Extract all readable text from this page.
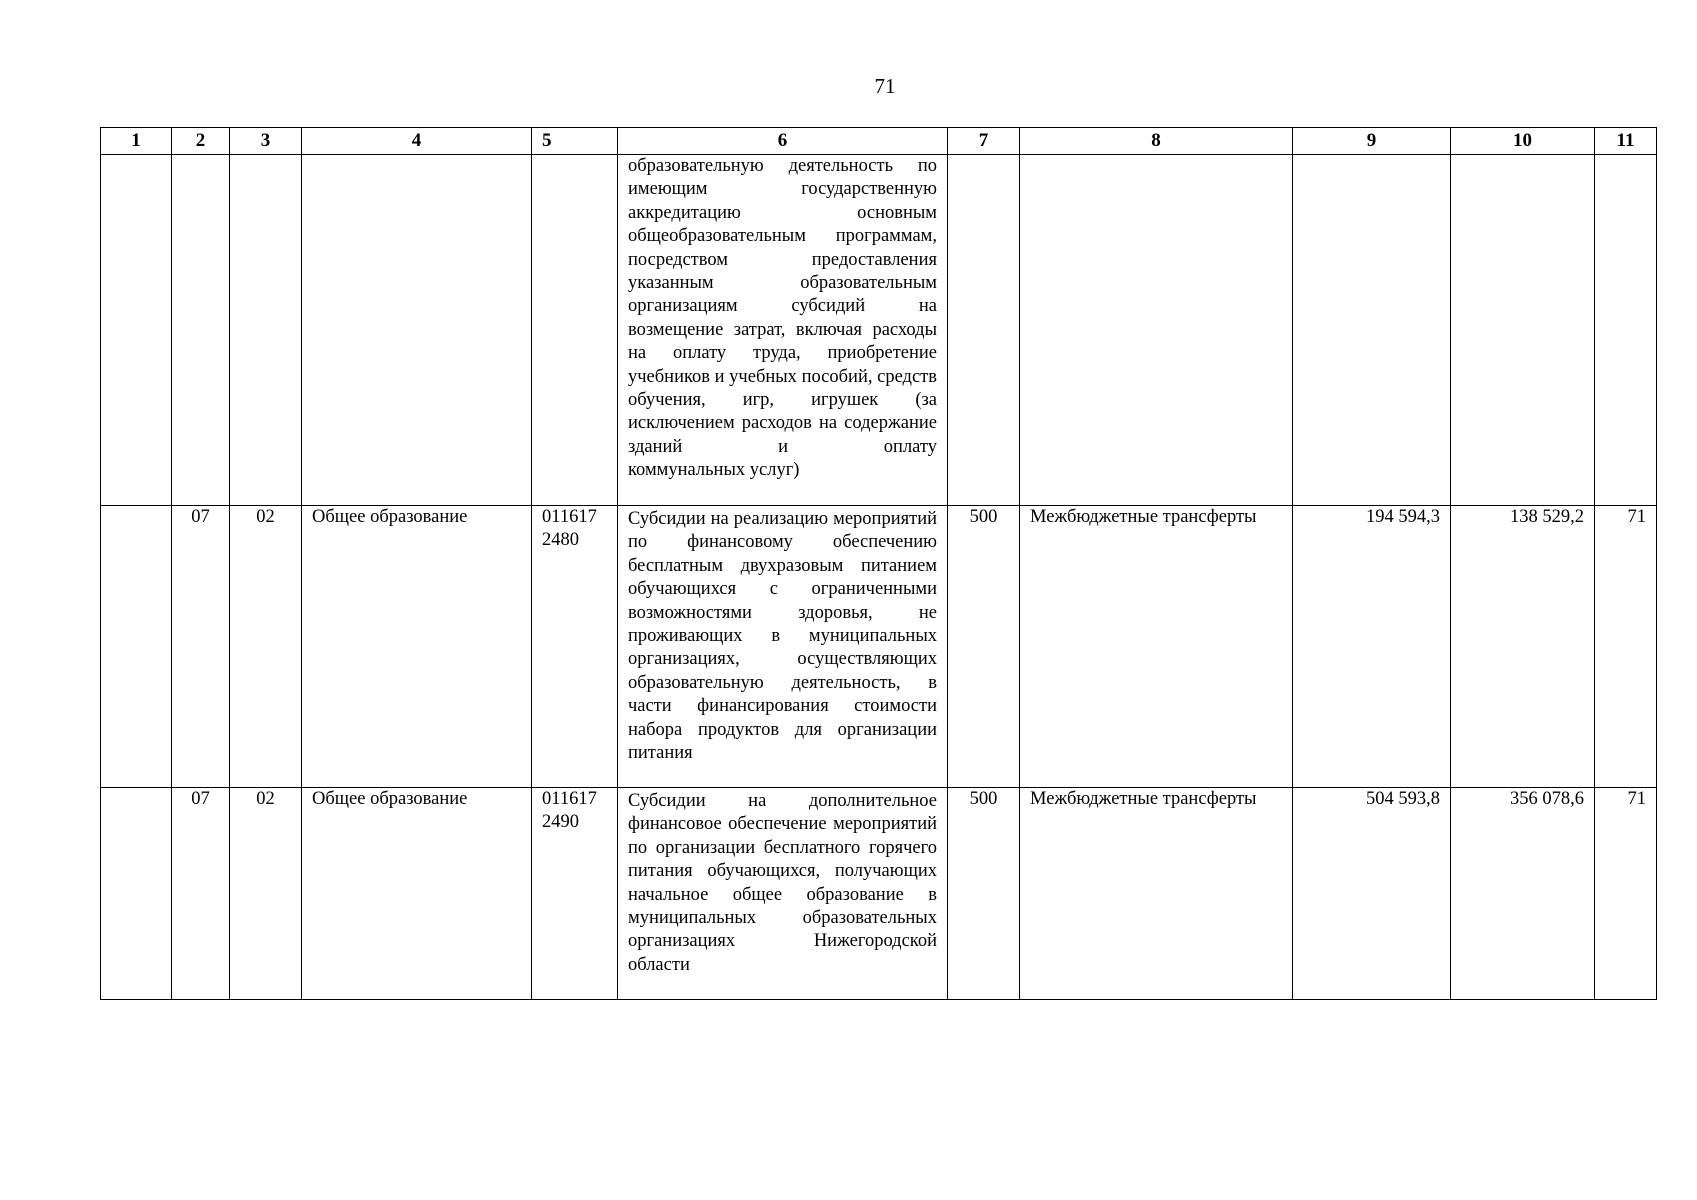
71
1	2	3	4	5	6	7	8	9	10	11

					образовательную деятельность по имеющим государственную аккредитацию основным общеобразовательным программам, посредством предоставления указанным образовательным организациям субсидий на возмещение затрат, включая расходы на оплату труда, приобретение учебников и учебных пособий, средств обучения, игр, игрушек (за исключением расходов на содержание зданий и оплату
коммунальных услуг)					

	07	02	Общее образование	011617 2480	Субсидии на реализацию мероприятий по финансовому обеспечению бесплатным двухразовым питанием обучающихся с ограниченными возможностями здоровья, не проживающих в муниципальных организациях, осуществляющих образовательную деятельность, в части финансирования стоимости набора продуктов для организации
питания	500	Межбюджетные трансферты	194 594,3	138 529,2	71
	07	02	Общее образование	011617 2490	Субсидии на дополнительное финансовое обеспечение мероприятий по организации бесплатного горячего питания обучающихся, получающих начальное общее образование в муниципальных образовательных организациях Нижегородской
области	500	Межбюджетные трансферты	504 593,8	356 078,6	71
